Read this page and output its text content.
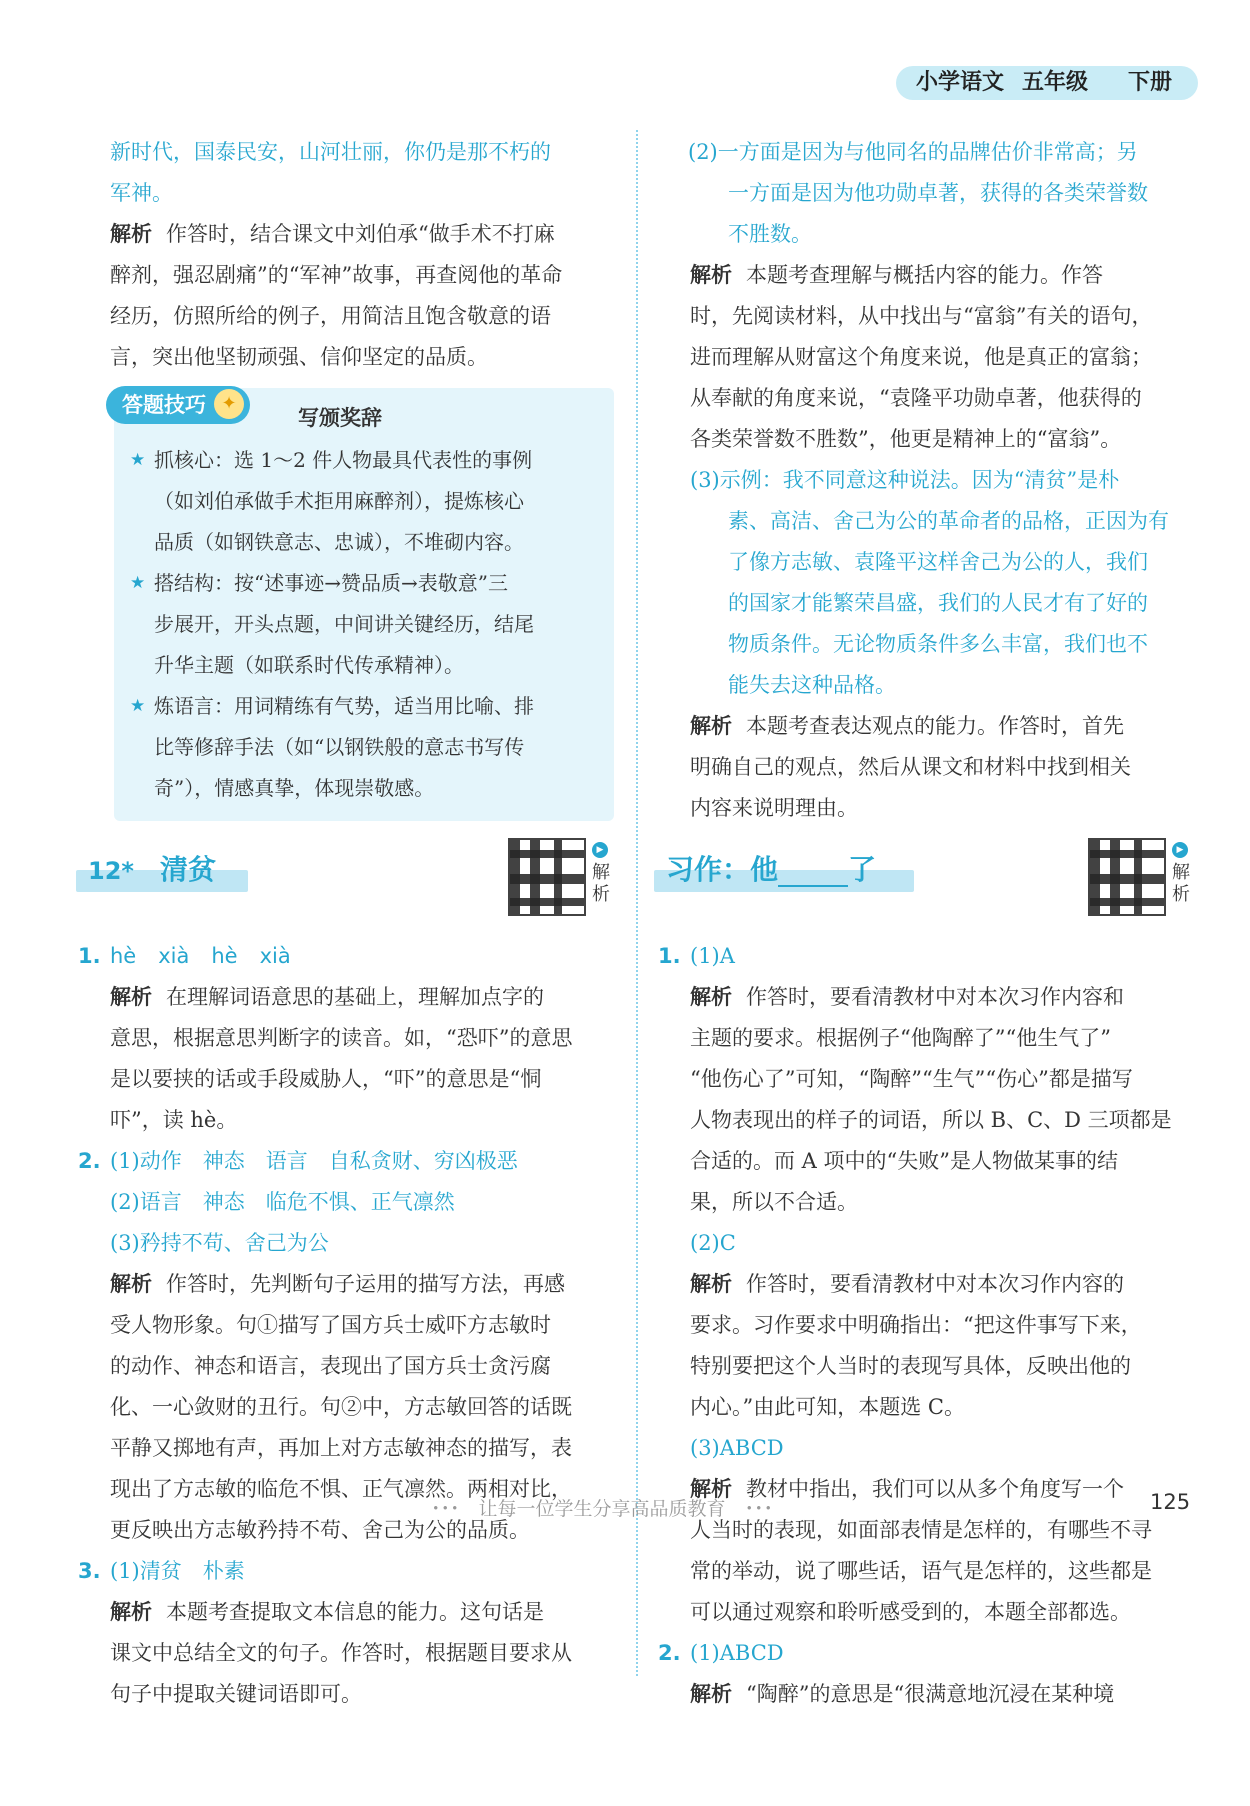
小学语文 五年级 下册

新时代，国泰民安，山河壮丽，你仍是那不朽的

军神。

解析 作答时，结合课文中刘伯承“做手术不打麻

醉剂，强忍剧痛”的“军神”故事，再查阅他的革命

经历，仿照所给的例子，用简洁且饱含敬意的语

言，突出他坚韧顽强、信仰坚定的品质。

答题技巧 ✦
写颁奖辞
★ 抓核心：选 1～2 件人物最具代表性的事例

（如刘伯承做手术拒用麻醉剂），提炼核心

品质（如钢铁意志、忠诚），不堆砌内容。

★ 搭结构：按“述事迹→赞品质→表敬意”三

步展开，开头点题，中间讲关键经历，结尾

升华主题（如联系时代传承精神）。

★ 炼语言：用词精练有气势，适当用比喻、排

比等修辞手法（如“以钢铁般的意志书写传

奇”），情感真挚，体现崇敬感。

12* 清贫
▶
解析

1. hè xià hè xià

解析 在理解词语意思的基础上，理解加点字的

意思，根据意思判断字的读音。如，“恐吓”的意思

是以要挟的话或手段威胁人，“吓”的意思是“恫

吓”，读 hè。

2. (1)动作　神态　语言　自私贪财、穷凶极恶

(2)语言　神态　临危不惧、正气凛然

(3)矜持不苟、舍己为公

解析 作答时，先判断句子运用的描写方法，再感

受人物形象。句①描写了国方兵士威吓方志敏时

的动作、神态和语言，表现出了国方兵士贪污腐

化、一心敛财的丑行。句②中，方志敏回答的话既

平静又掷地有声，再加上对方志敏神态的描写，表

现出了方志敏的临危不惧、正气凛然。两相对比，

更反映出方志敏矜持不苟、舍己为公的品质。

3. (1)清贫　朴素

解析 本题考查提取文本信息的能力。这句话是

课文中总结全文的句子。作答时，根据题目要求从

句子中提取关键词语即可。

(2)一方面是因为与他同名的品牌估价非常高；另

一方面是因为他功勋卓著，获得的各类荣誉数

不胜数。

解析 本题考查理解与概括内容的能力。作答

时，先阅读材料，从中找出与“富翁”有关的语句，

进而理解从财富这个角度来说，他是真正的富翁；

从奉献的角度来说，“袁隆平功勋卓著，他获得的

各类荣誉数不胜数”，他更是精神上的“富翁”。

(3)示例：我不同意这种说法。因为“清贫”是朴

素、高洁、舍己为公的革命者的品格，正因为有

了像方志敏、袁隆平这样舍己为公的人，我们

的国家才能繁荣昌盛，我们的人民才有了好的

物质条件。无论物质条件多么丰富，我们也不

能失去这种品格。

解析 本题考查表达观点的能力。作答时，首先

明确自己的观点，然后从课文和材料中找到相关

内容来说明理由。

习作：他	了
▶
解析

1. (1)A

解析 作答时，要看清教材中对本次习作内容和

主题的要求。根据例子“他陶醉了”“他生气了”

“他伤心了”可知，“陶醉”“生气”“伤心”都是描写

人物表现出的样子的词语，所以 B、C、D 三项都是

合适的。而 A 项中的“失败”是人物做某事的结

果，所以不合适。

(2)C

解析 作答时，要看清教材中对本次习作内容的

要求。习作要求中明确指出：“把这件事写下来，

特别要把这个人当时的表现写具体，反映出他的

内心。”由此可知，本题选 C。

(3)ABCD

解析 教材中指出，我们可以从多个角度写一个

人当时的表现，如面部表情是怎样的，有哪些不寻

常的举动，说了哪些话，语气是怎样的，这些都是

可以通过观察和聆听感受到的，本题全部都选。

2. (1)ABCD

解析 “陶醉”的意思是“很满意地沉浸在某种境

･･･　让每一位学生分享高品质教育　･･･	125
